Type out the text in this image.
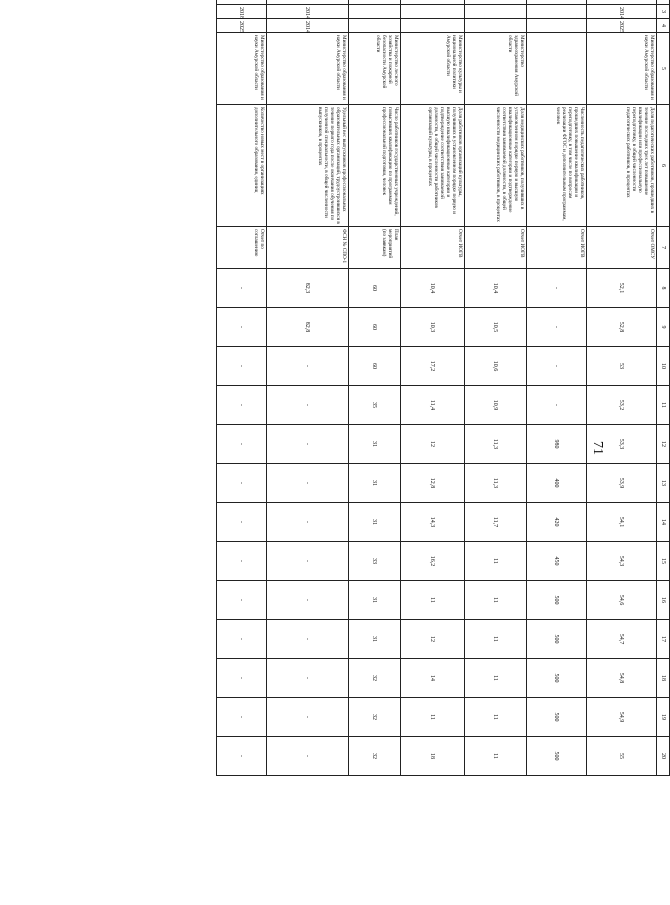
71
		3	4	5	6	7	8	9	10	11	12	13	14	15	16	17	18	19	20
		2014	2025	Министерство образования и науки Амурской области	Доля педагогических работников, прошедших в течение последних трех лет повышение квалификации или профессиональную переподготовку, в общей численности педагогических работников, в процентах	Отчет ОМСУ	52,1	52,8	53	53,2	53,3	53,9	54,1	54,3	54,6	54,7	54,8	54,9	55
					Численность педагогических работников, прошедших повышение квалификации и переподготовку, в том числе по вопросам реализации ФГОС и дополнительным программам, человек	Отчет ИОГВ	-	-	-	-	980	400	420	450	500	500	500	500	500
				Министерство здравоохранения Амурской области	Доля медицинских работников, получивших в установленном порядке первую и высшую квалификационные категории и подтверждение соответствия занимаемой должности, в общей численности медицинских работников, в процентах	Отчет ИОГВ	10,4	10,5	10,6	10,9	11,3	11,3	11,7	11	11	11	11	11	11
				Министерство культуры и национальной политики Амурской области	Доля работников организаций культуры, получивших в установленном порядке первую и высшую квалификационные категории и подтверждение соответствия занимаемой должности, в общей численности работников организаций культуры, в процентах	Отчет ИОГВ	10,4	10,3	17,2	11,4	12	12,8	14,3	16,2	11	12	14	11	18
				Министерство лесного хозяйства и пожарной безопасности Амурской области	Число работников государственных учреждений, повысивших квалификацию по программам профессиональной подготовки, человек	План мероприятий (по заявкам)	60	60	60	35	31	31	31	33	31	31	32	32	32
		2014	2014	Министерство образования и науки Амурской области	Удельный вес выпускников профессиональных образовательных организаций, трудоустроившихся в течение первого года после окончания обучения по полученной специальности, в общей численности выпускников, в процентах	ФСН № СПО-1	82,3	82,8	-	-	-	-	-	-	-	-	-	-	-
		2018	2025	Министерство образования и науки Амурской области	Количество новых мест в организациях дополнительного образования, единиц	Отчет по соглашению	-	-	-	-	-	-	-	-	-	-	-	-	-
